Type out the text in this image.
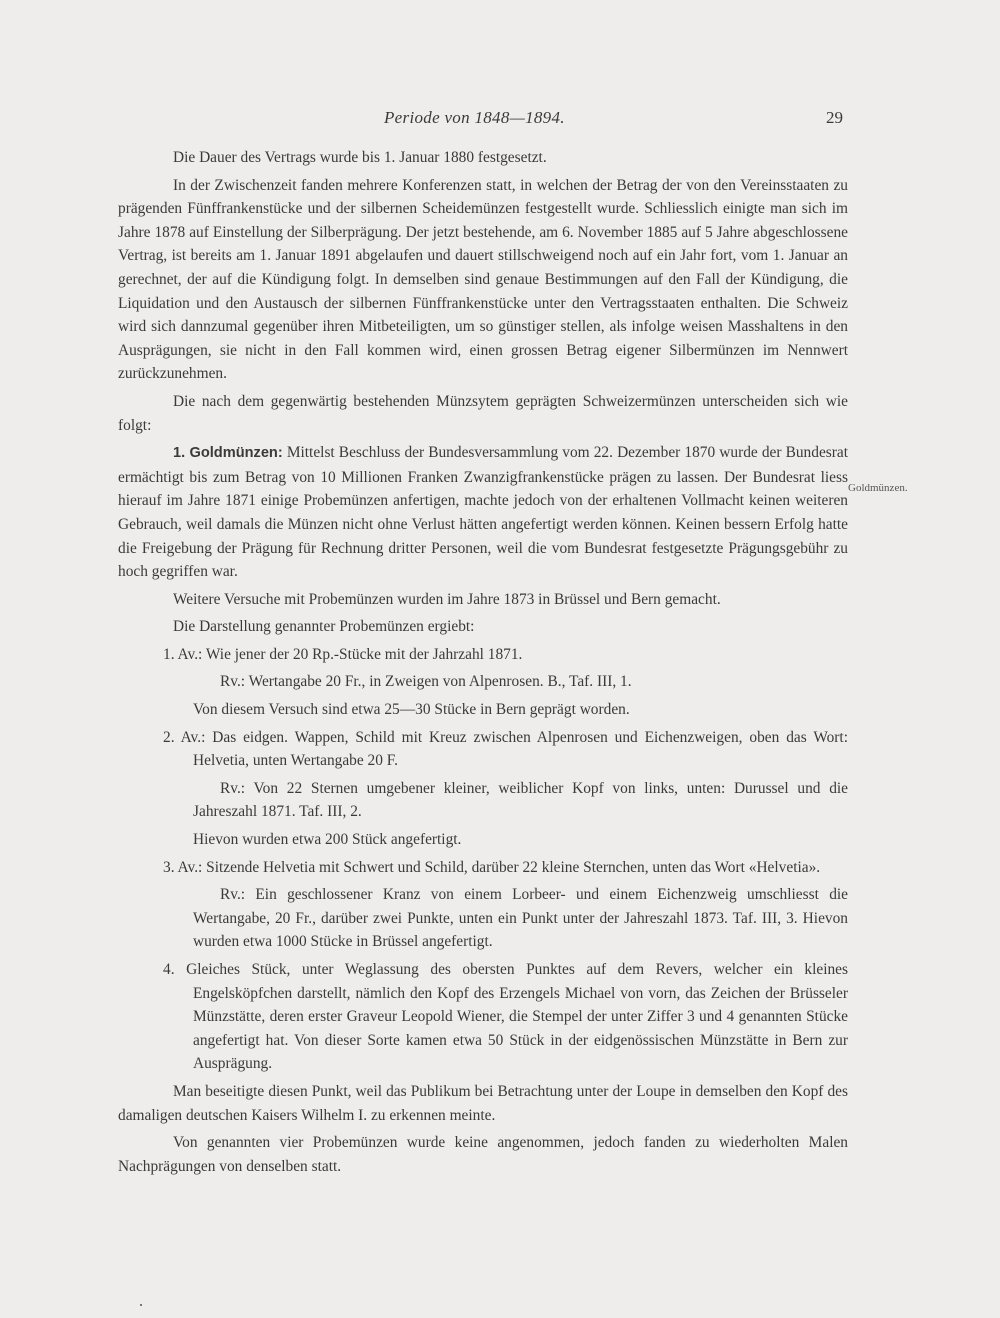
Periode von 1848—1894.	29
Goldmünzen.

Die Dauer des Vertrags wurde bis 1. Januar 1880 festgesetzt.

In der Zwischenzeit fanden mehrere Konferenzen statt, in welchen der Betrag der von den Vereinsstaaten zu prägenden Fünffrankenstücke und der silbernen Scheidemünzen festgestellt wurde. Schliesslich einigte man sich im Jahre 1878 auf Einstellung der Silberprägung. Der jetzt bestehende, am 6. November 1885 auf 5 Jahre abgeschlossene Vertrag, ist bereits am 1. Januar 1891 abgelaufen und dauert stillschweigend noch auf ein Jahr fort, vom 1. Januar an gerechnet, der auf die Kündigung folgt. In demselben sind genaue Bestimmungen auf den Fall der Kündigung, die Liquidation und den Austausch der silbernen Fünffrankenstücke unter den Vertragsstaaten enthalten. Die Schweiz wird sich dannzumal gegenüber ihren Mitbeteiligten, um so günstiger stellen, als infolge weisen Masshaltens in den Ausprägungen, sie nicht in den Fall kommen wird, einen grossen Betrag eigener Silbermünzen im Nennwert zurückzunehmen.

Die nach dem gegenwärtig bestehenden Münzsytem geprägten Schweizermünzen unterscheiden sich wie folgt:

1. Goldmünzen: Mittelst Beschluss der Bundesversammlung vom 22. Dezember 1870 wurde der Bundesrat ermächtigt bis zum Betrag von 10 Millionen Franken Zwanzigfrankenstücke prägen zu lassen. Der Bundesrat liess hierauf im Jahre 1871 einige Probemünzen anfertigen, machte jedoch von der erhaltenen Vollmacht keinen weiteren Gebrauch, weil damals die Münzen nicht ohne Verlust hätten angefertigt werden können. Keinen bessern Erfolg hatte die Freigebung der Prägung für Rechnung dritter Personen, weil die vom Bundesrat festgesetzte Prägungsgebühr zu hoch gegriffen war.

Weitere Versuche mit Probemünzen wurden im Jahre 1873 in Brüssel und Bern gemacht.

Die Darstellung genannter Probemünzen ergiebt:

1. Av.: Wie jener der 20 Rp.-Stücke mit der Jahrzahl 1871.

Rv.: Wertangabe 20 Fr., in Zweigen von Alpenrosen. B., Taf. III, 1.

Von diesem Versuch sind etwa 25—30 Stücke in Bern geprägt worden.

2. Av.: Das eidgen. Wappen, Schild mit Kreuz zwischen Alpenrosen und Eichenzweigen, oben das Wort: Helvetia, unten Wertangabe 20 F.

Rv.: Von 22 Sternen umgebener kleiner, weiblicher Kopf von links, unten: Durussel und die Jahreszahl 1871. Taf. III, 2.

Hievon wurden etwa 200 Stück angefertigt.

3. Av.: Sitzende Helvetia mit Schwert und Schild, darüber 22 kleine Sternchen, unten das Wort «Helvetia».

Rv.: Ein geschlossener Kranz von einem Lorbeer- und einem Eichenzweig umschliesst die Wertangabe, 20 Fr., darüber zwei Punkte, unten ein Punkt unter der Jahreszahl 1873. Taf. III, 3. Hievon wurden etwa 1000 Stücke in Brüssel angefertigt.

4. Gleiches Stück, unter Weglassung des obersten Punktes auf dem Revers, welcher ein kleines Engelsköpfchen darstellt, nämlich den Kopf des Erzengels Michael von vorn, das Zeichen der Brüsseler Münzstätte, deren erster Graveur Leopold Wiener, die Stempel der unter Ziffer 3 und 4 genannten Stücke angefertigt hat. Von dieser Sorte kamen etwa 50 Stück in der eidgenössischen Münzstätte in Bern zur Ausprägung.

Man beseitigte diesen Punkt, weil das Publikum bei Betrachtung unter der Loupe in demselben den Kopf des damaligen deutschen Kaisers Wilhelm I. zu erkennen meinte.

Von genannten vier Probemünzen wurde keine angenommen, jedoch fanden zu wiederholten Malen Nachprägungen von denselben statt.
